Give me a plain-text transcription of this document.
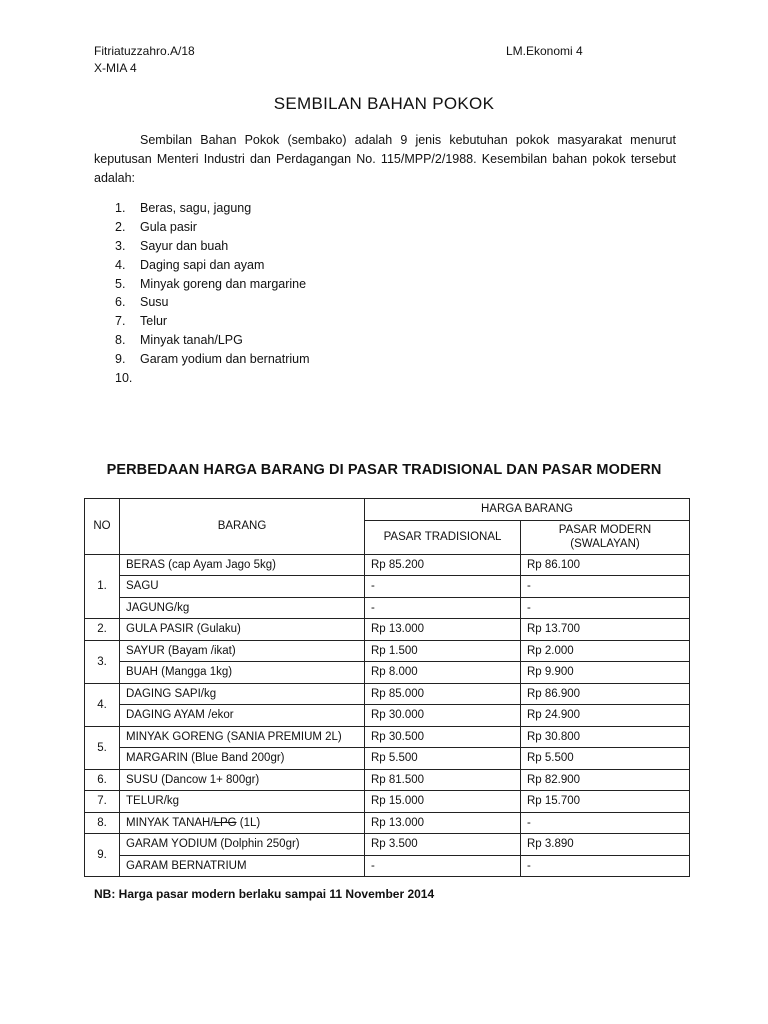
Fitriatuzzahro.A/18
X-MIA 4
LM.Ekonomi 4
SEMBILAN BAHAN POKOK
Sembilan Bahan Pokok (sembako) adalah 9 jenis kebutuhan pokok masyarakat menurut keputusan Menteri Industri dan Perdagangan No. 115/MPP/2/1988. Kesembilan bahan pokok tersebut adalah:
1.	Beras, sagu, jagung
2.	Gula pasir
3.	Sayur dan buah
4.	Daging sapi dan ayam
5.	Minyak goreng dan margarine
6.	Susu
7.	Telur
8.	Minyak tanah/LPG
9.	Garam yodium dan bernatrium
10.
PERBEDAAN HARGA BARANG DI PASAR TRADISIONAL DAN PASAR MODERN
NO	BARANG	HARGA BARANG	
		PASAR TRADISIONAL	PASAR MODERN
(SWALAYAN)
1.	BERAS (cap Ayam Jago 5kg)	Rp 85.200	Rp 86.100
	SAGU	-	-
	JAGUNG/kg	-	-
2.	GULA PASIR (Gulaku)	Rp 13.000	Rp 13.700
3.	SAYUR (Bayam /ikat)	Rp 1.500	Rp 2.000
	BUAH (Mangga 1kg)	Rp 8.000	Rp 9.900
4.	DAGING SAPI/kg	Rp 85.000	Rp 86.900
	DAGING AYAM /ekor	Rp 30.000	Rp 24.900
5.	MINYAK GORENG (SANIA PREMIUM 2L)	Rp 30.500	Rp 30.800
	MARGARIN (Blue Band 200gr)	Rp 5.500	Rp 5.500
6.	SUSU (Dancow 1+ 800gr)	Rp 81.500	Rp 82.900
7.	TELUR/kg	Rp 15.000	Rp 15.700
8.	MINYAK TANAH/LPG (1L)	Rp 13.000	-
9.	GARAM YODIUM (Dolphin 250gr)	Rp 3.500	Rp 3.890
	GARAM BERNATRIUM	-	-
NB: Harga pasar modern berlaku sampai 11 November 2014
